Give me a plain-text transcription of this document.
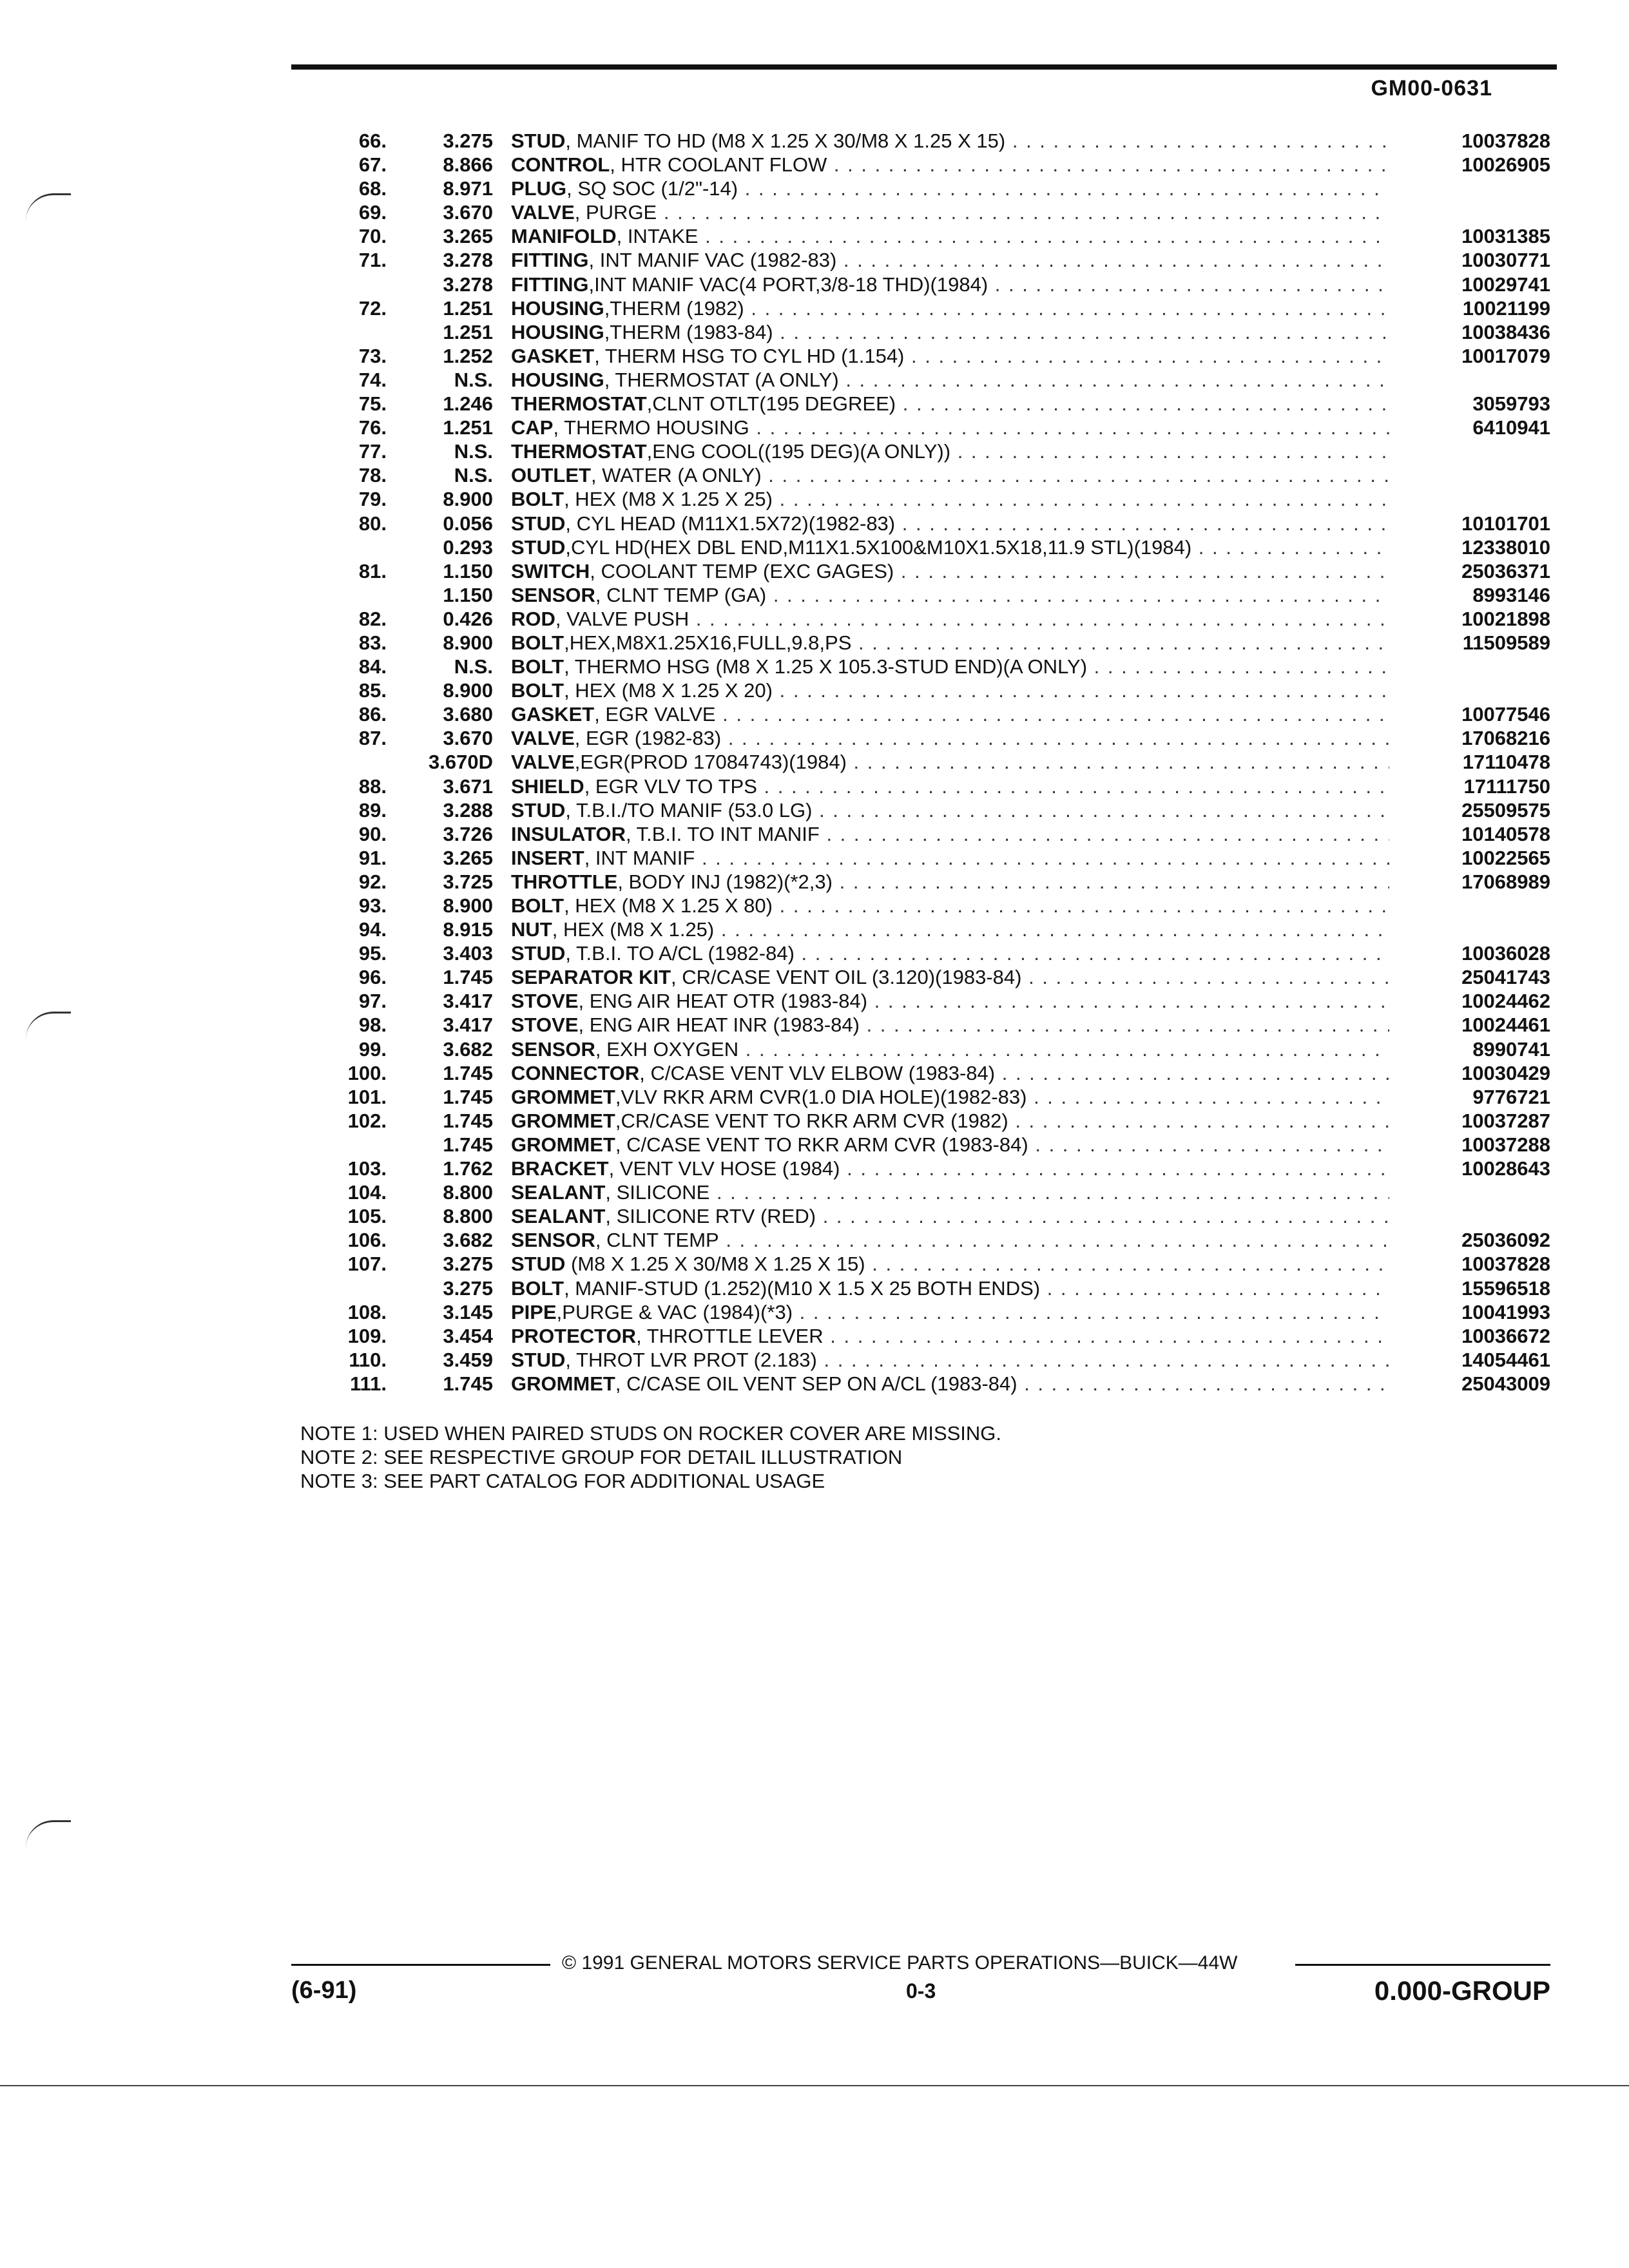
GM00-0631
66.	3.275 STUD, MANIF TO HD (M8 X 1.25 X 30/M8 X 1.25 X 15) . . .	10037828
67.	8.866 CONTROL, HTR COOLANT FLOW . . .	10026905
68.	8.971 PLUG, SQ SOC (1/2"-14) . . .
69.	3.670 VALVE, PURGE . . .
70.	3.265 MANIFOLD, INTAKE . . .	10031385
71.	3.278 FITTING, INT MANIF VAC (1982-83) . . .	10030771
3.278 FITTING,INT MANIF VAC(4 PORT,3/8-18 THD)(1984) . . .	10029741
72.	1.251 HOUSING,THERM (1982) . . .	10021199
1.251 HOUSING,THERM (1983-84) . . .	10038436
73.	1.252 GASKET, THERM HSG TO CYL HD (1.154) . . .	10017079
74.	N.S. HOUSING, THERMOSTAT (A ONLY) . . .
75.	1.246 THERMOSTAT,CLNT OTLT(195 DEGREE) . . .	3059793
76.	1.251 CAP, THERMO HOUSING . . .	6410941
77.	N.S. THERMOSTAT,ENG COOL((195 DEG)(A ONLY)) . . .
78.	N.S. OUTLET, WATER (A ONLY) . . .
79.	8.900 BOLT, HEX (M8 X 1.25 X 25) . . .
80.	0.056 STUD, CYL HEAD (M11X1.5X72)(1982-83) . . .	10101701
0.293 STUD,CYL HD(HEX DBL END,M11X1.5X100&M10X1.5X18,11.9 STL)(1984) . . .	12338010
81.	1.150 SWITCH, COOLANT TEMP (EXC GAGES) . . .	25036371
1.150 SENSOR, CLNT TEMP (GA) . . .	8993146
82.	0.426 ROD, VALVE PUSH . . .	10021898
83.	8.900 BOLT,HEX,M8X1.25X16,FULL,9.8,PS . . .	11509589
84.	N.S. BOLT, THERMO HSG (M8 X 1.25 X 105.3-STUD END)(A ONLY) . . .
85.	8.900 BOLT, HEX (M8 X 1.25 X 20) . . .
86.	3.680 GASKET, EGR VALVE . . .	10077546
87.	3.670 VALVE, EGR (1982-83) . . .	17068216
3.670D VALVE,EGR(PROD 17084743)(1984) . . .	17110478
88.	3.671 SHIELD, EGR VLV TO TPS . . .	17111750
89.	3.288 STUD, T.B.I./TO MANIF (53.0 LG) . . .	25509575
90.	3.726 INSULATOR, T.B.I. TO INT MANIF . . .	10140578
91.	3.265 INSERT, INT MANIF . . .	10022565
92.	3.725 THROTTLE, BODY INJ (1982)(*2,3) . . .	17068989
93.	8.900 BOLT, HEX (M8 X 1.25 X 80) . . .
94.	8.915 NUT, HEX (M8 X 1.25) . . .
95.	3.403 STUD, T.B.I. TO A/CL (1982-84) . . .	10036028
96.	1.745 SEPARATOR KIT, CR/CASE VENT OIL (3.120)(1983-84) . . .	25041743
97.	3.417 STOVE, ENG AIR HEAT OTR (1983-84) . . .	10024462
98.	3.417 STOVE, ENG AIR HEAT INR (1983-84) . . .	10024461
99.	3.682 SENSOR, EXH OXYGEN . . .	8990741
100.	1.745 CONNECTOR, C/CASE VENT VLV ELBOW (1983-84) . . .	10030429
101.	1.745 GROMMET,VLV RKR ARM CVR(1.0 DIA HOLE)(1982-83) . . .	9776721
102.	1.745 GROMMET,CR/CASE VENT TO RKR ARM CVR (1982) . . .	10037287
1.745 GROMMET, C/CASE VENT TO RKR ARM CVR (1983-84) . . .	10037288
103.	1.762 BRACKET, VENT VLV HOSE (1984) . . .	10028643
104.	8.800 SEALANT, SILICONE . . .
105.	8.800 SEALANT, SILICONE RTV (RED) . . .
106.	3.682 SENSOR, CLNT TEMP . . .	25036092
107.	3.275 STUD (M8 X 1.25 X 30/M8 X 1.25 X 15) . . .	10037828
3.275 BOLT, MANIF-STUD (1.252)(M10 X 1.5 X 25 BOTH ENDS) . . .	15596518
108.	3.145 PIPE,PURGE & VAC (1984)(*3) . . .	10041993
109.	3.454 PROTECTOR, THROTTLE LEVER . . .	10036672
110.	3.459 STUD, THROT LVR PROT (2.183) . . .	14054461
111.	1.745 GROMMET, C/CASE OIL VENT SEP ON A/CL (1983-84) . . .	25043009
NOTE 1: USED WHEN PAIRED STUDS ON ROCKER COVER ARE MISSING.
NOTE 2: SEE RESPECTIVE GROUP FOR DETAIL ILLUSTRATION
NOTE 3: SEE PART CATALOG FOR ADDITIONAL USAGE
© 1991 GENERAL MOTORS SERVICE PARTS OPERATIONS—BUICK—44W
(6-91)	0-3	0.000-GROUP
